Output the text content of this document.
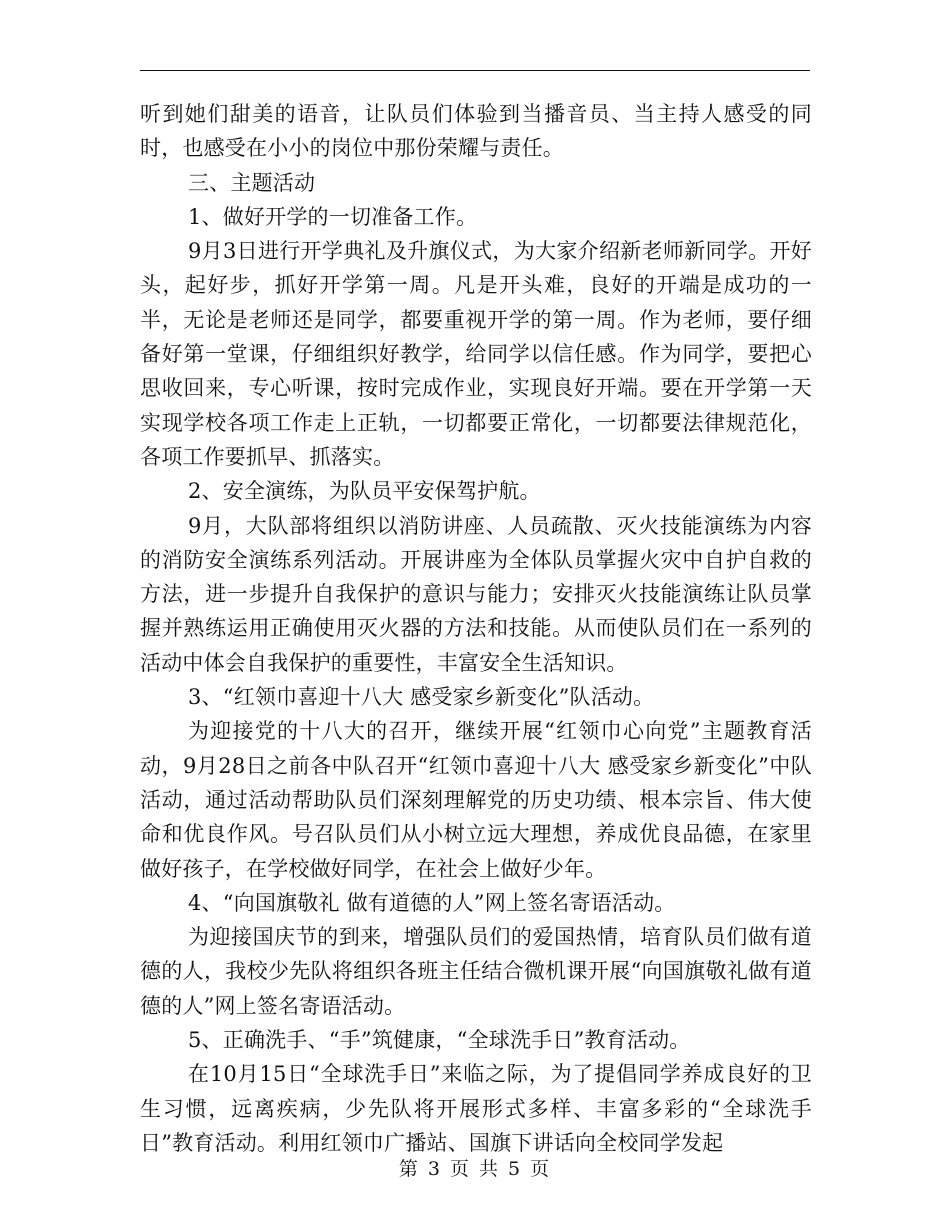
听到她们甜美的语音，让队员们体验到当播音员、当主持人感受的同时，也感受在小小的岗位中那份荣耀与责任。

三、主题活动

1、做好开学的一切准备工作。

9月3日进行开学典礼及升旗仪式，为大家介绍新老师新同学。开好头，起好步，抓好开学第一周。凡是开头难，良好的开端是成功的一半，无论是老师还是同学，都要重视开学的第一周。作为老师，要仔细备好第一堂课，仔细组织好教学，给同学以信任感。作为同学，要把心思收回来，专心听课，按时完成作业，实现良好开端。要在开学第一天实现学校各项工作走上正轨，一切都要正常化，一切都要法律规范化，各项工作要抓早、抓落实。

2、安全演练，为队员平安保驾护航。

9月，大队部将组织以消防讲座、人员疏散、灭火技能演练为内容的消防安全演练系列活动。开展讲座为全体队员掌握火灾中自护自救的方法，进一步提升自我保护的意识与能力；安排灭火技能演练让队员掌握并熟练运用正确使用灭火器的方法和技能。从而使队员们在一系列的活动中体会自我保护的重要性，丰富安全生活知识。

3、“红领巾喜迎十八大 感受家乡新变化”队活动。

为迎接党的十八大的召开，继续开展“红领巾心向党”主题教育活动，9月28日之前各中队召开“红领巾喜迎十八大 感受家乡新变化”中队活动，通过活动帮助队员们深刻理解党的历史功绩、根本宗旨、伟大使命和优良作风。号召队员们从小树立远大理想，养成优良品德，在家里做好孩子，在学校做好同学，在社会上做好少年。

4、“向国旗敬礼 做有道德的人”网上签名寄语活动。

为迎接国庆节的到来，增强队员们的爱国热情，培育队员们做有道德的人，我校少先队将组织各班主任结合微机课开展“向国旗敬礼做有道德的人”网上签名寄语活动。

5、正确洗手、“手”筑健康，“全球洗手日”教育活动。

在10月15日“全球洗手日”来临之际，为了提倡同学养成良好的卫生习惯，远离疾病，少先队将开展形式多样、丰富多彩的“全球洗手日”教育活动。利用红领巾广播站、国旗下讲话向全校同学发起

第 3 页 共 5 页
